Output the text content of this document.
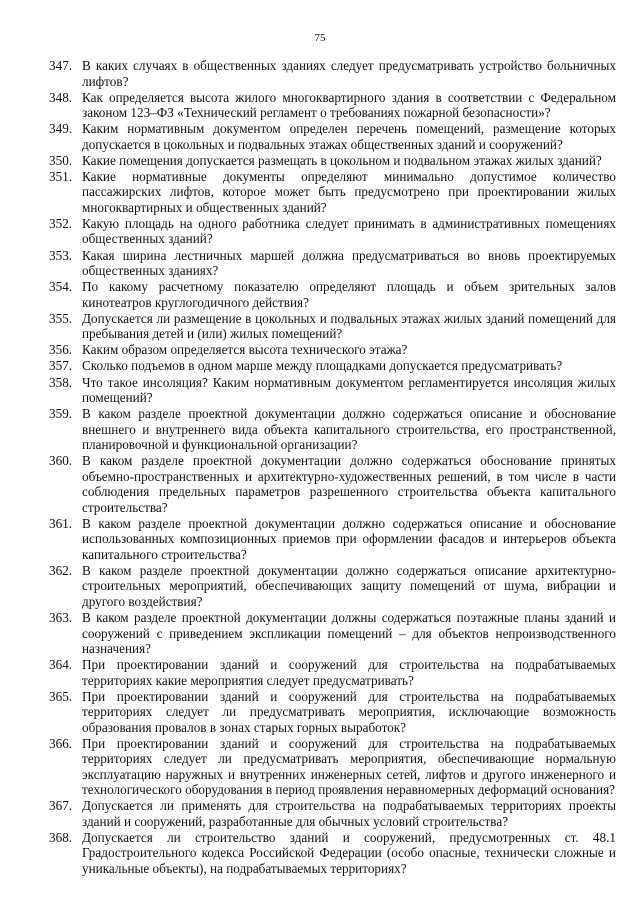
75
347. В каких случаях в общественных зданиях следует предусматривать устройство больничных лифтов?
348. Как определяется высота жилого многоквартирного здания в соответствии с Федеральном законом 123–ФЗ «Технический регламент о требованиях пожарной безопасности»?
349. Каким нормативным документом определен перечень помещений, размещение которых допускается в цокольных и подвальных этажах общественных зданий и сооружений?
350. Какие помещения допускается размещать в цокольном и подвальном этажах жилых зданий?
351. Какие нормативные документы определяют минимально допустимое количество пассажирских лифтов, которое может быть предусмотрено при проектировании жилых многоквартирных и общественных зданий?
352. Какую площадь на одного работника следует принимать в административных помещениях общественных зданий?
353. Какая ширина лестничных маршей должна предусматриваться во вновь проектируемых общественных зданиях?
354. По какому расчетному показателю определяют площадь и объем зрительных залов кинотеатров круглогодичного действия?
355. Допускается ли размещение в цокольных и подвальных этажах жилых зданий помещений для пребывания детей и (или) жилых помещений?
356. Каким образом определяется высота технического этажа?
357. Сколько подъемов в одном марше между площадками допускается предусматривать?
358. Что такое инсоляция? Каким нормативным документом регламентируется инсоляция жилых помещений?
359. В каком разделе проектной документации должно содержаться описание и обоснование внешнего и внутреннего вида объекта капитального строительства, его пространственной, планировочной и функциональной организации?
360. В каком разделе проектной документации должно содержаться обоснование принятых объемно-пространственных и архитектурно-художественных решений, в том числе в части соблюдения предельных параметров разрешенного строительства объекта капитального строительства?
361. В каком разделе проектной документации должно содержаться описание и обоснование использованных композиционных приемов при оформлении фасадов и интерьеров объекта капитального строительства?
362. В каком разделе проектной документации должно содержаться описание архитектурно-строительных мероприятий, обеспечивающих защиту помещений от шума, вибрации и другого воздействия?
363. В каком разделе проектной документации должны содержаться поэтажные планы зданий и сооружений с приведением экспликации помещений – для объектов непроизводственного назначения?
364. При проектировании зданий и сооружений для строительства на подрабатываемых территориях какие мероприятия следует предусматривать?
365. При проектировании зданий и сооружений для строительства на подрабатываемых территориях следует ли предусматривать мероприятия, исключающие возможность образования провалов в зонах старых горных выработок?
366. При проектировании зданий и сооружений для строительства на подрабатываемых территориях следует ли предусматривать мероприятия, обеспечивающие нормальную эксплуатацию наружных и внутренних инженерных сетей, лифтов и другого инженерного и технологического оборудования в период проявления неравномерных деформаций основания?
367. Допускается ли применять для строительства на подрабатываемых территориях проекты зданий и сооружений, разработанные для обычных условий строительства?
368. Допускается ли строительство зданий и сооружений, предусмотренных ст. 48.1 Градостроительного кодекса Российской Федерации (особо опасные, технически сложные и уникальные объекты), на подрабатываемых территориях?
